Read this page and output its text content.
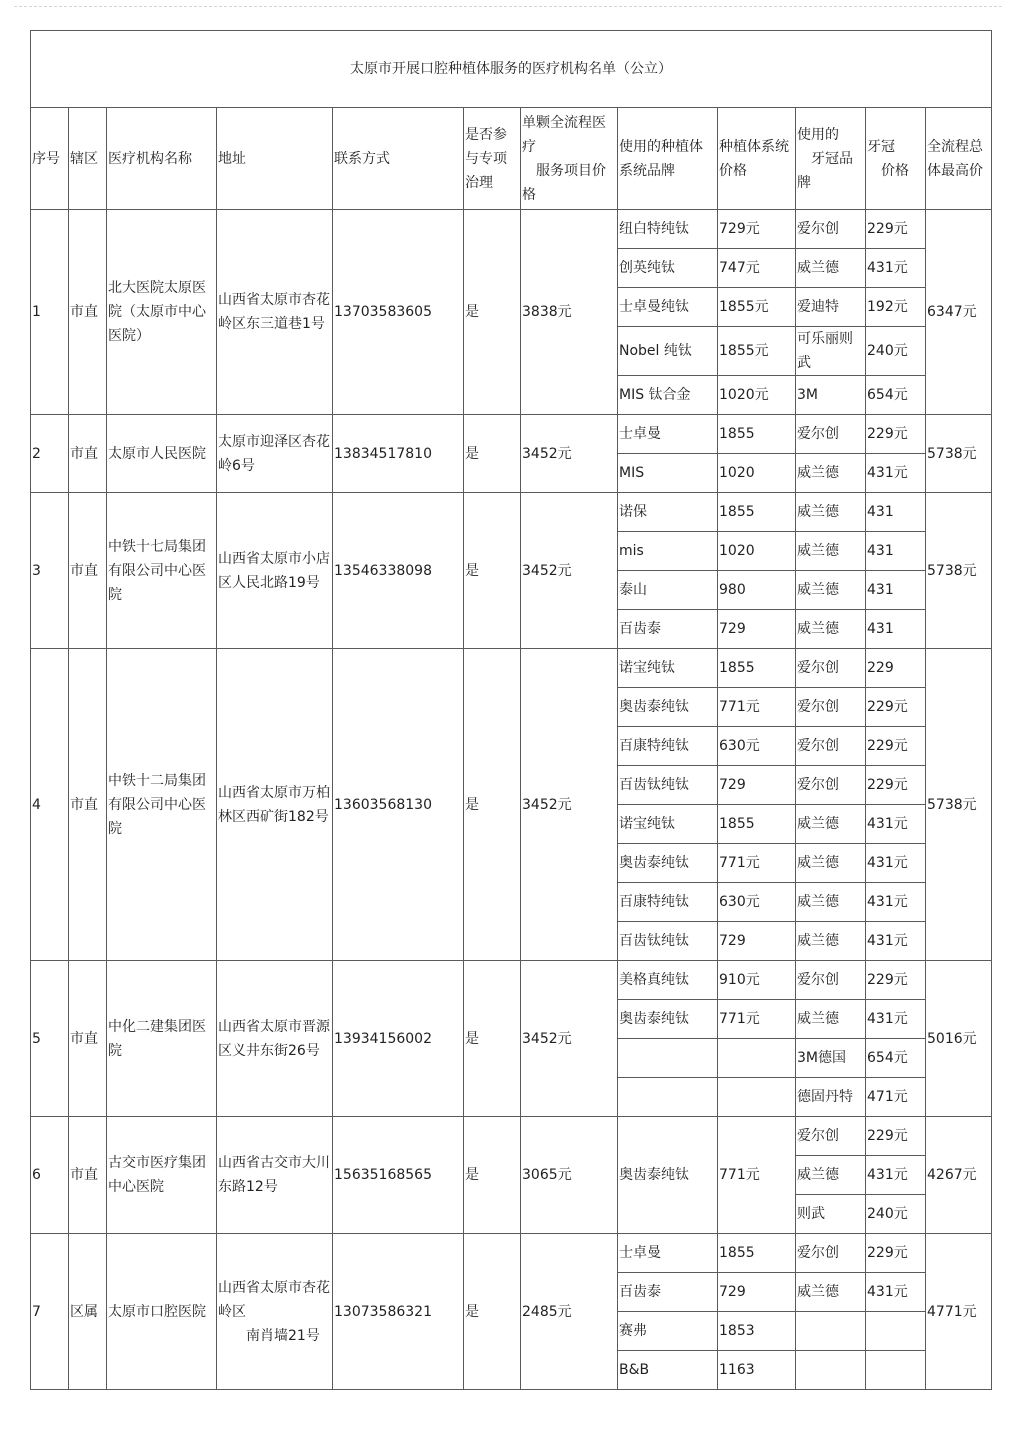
太原市开展口腔种植体服务的医疗机构名单（公立）											
序号	辖区	医疗机构名称	地址	联系方式	是否参与专项治理	单颗全流程医疗
　服务项目价格	使用的种植体系统品牌	种植体系统价格	使用的
　牙冠品牌	牙冠
　价格	全流程总体最高价
1	市直	北大医院太原医院（太原市中心医院）	山西省太原市杏花岭区东三道巷1号	13703583605	是	3838元	纽白特纯钛	729元	爱尔创	229元	6347元
							创英纯钛	747元	威兰德	431元	
							士卓曼纯钛	1855元	爱迪特	192元	
							Nobel 纯钛	1855元	可乐丽则武	240元	
							MIS 钛合金	1020元	3M	654元	
2	市直	太原市人民医院	太原市迎泽区杏花岭6号	13834517810	是	3452元	士卓曼	1855	爱尔创	229元	5738元
							MIS	1020	威兰德	431元	
3	市直	中铁十七局集团有限公司中心医院	山西省太原市小店区人民北路19号	13546338098	是	3452元	诺保	1855	威兰德	431	5738元
							mis	1020	威兰德	431	
							泰山	980	威兰德	431	
							百齿泰	729	威兰德	431	
4	市直	中铁十二局集团有限公司中心医院	山西省太原市万柏林区西矿街182号	13603568130	是	3452元	诺宝纯钛	1855	爱尔创	229	5738元
							奥齿泰纯钛	771元	爱尔创	229元	
							百康特纯钛	630元	爱尔创	229元	
							百齿钛纯钛	729	爱尔创	229元	
							诺宝纯钛	1855	威兰德	431元	
							奥齿泰纯钛	771元	威兰德	431元	
							百康特纯钛	630元	威兰德	431元	
							百齿钛纯钛	729	威兰德	431元	
5	市直	中化二建集团医院	山西省太原市晋源区义井东街26号	13934156002	是	3452元	美格真纯钛	910元	爱尔创	229元	5016元
							奥齿泰纯钛	771元	威兰德	431元	
									3M德国	654元	
									德固丹特	471元	
6	市直	古交市医疗集团中心医院	山西省古交市大川东路12号	15635168565	是	3065元	奥齿泰纯钛	771元	爱尔创	229元	4267元
									威兰德	431元	
									则武	240元	
7	区属	太原市口腔医院	山西省太原市杏花岭区
　　南肖墙21号	13073586321	是	2485元	士卓曼	1855	爱尔创	229元	4771元
							百齿泰	729	威兰德	431元	
							赛弗	1853			
							B&B	1163			
